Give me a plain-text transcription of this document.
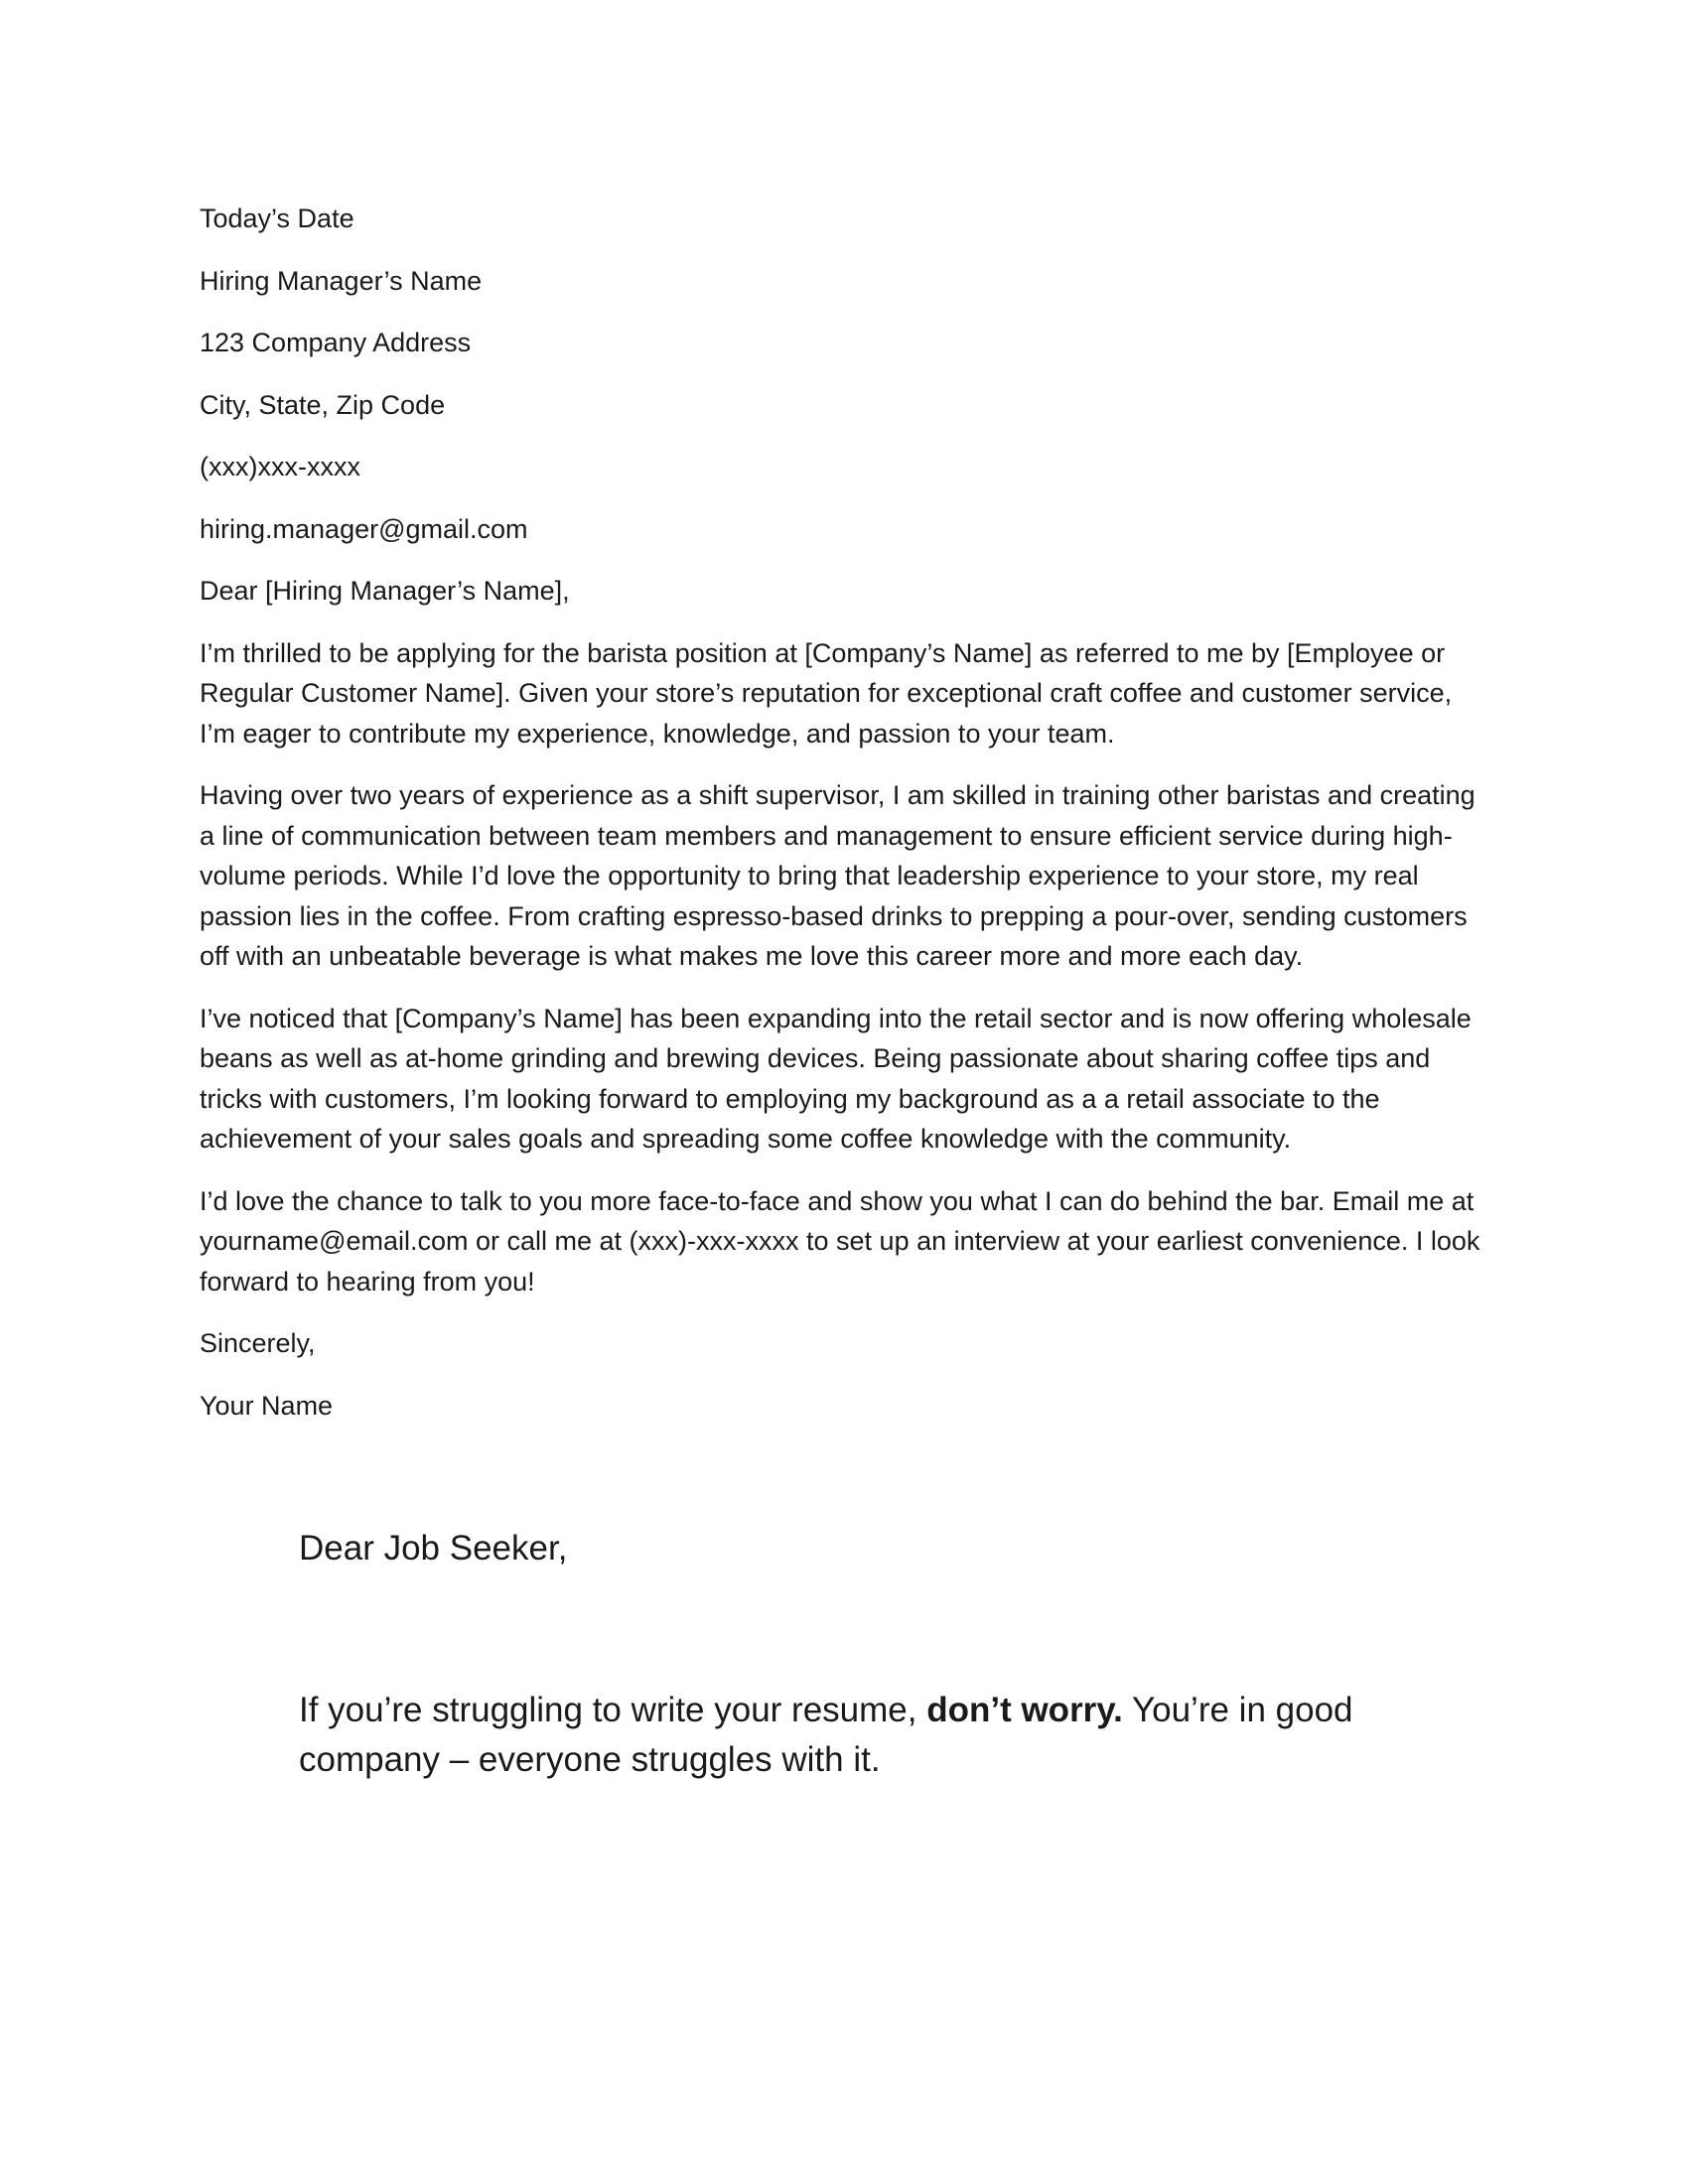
Today’s Date

Hiring Manager’s Name

123 Company Address

City, State, Zip Code

(xxx)xxx-xxxx

hiring.manager@gmail.com

Dear [Hiring Manager’s Name],

I’m thrilled to be applying for the barista position at [Company’s Name] as referred to me by [Employee or Regular Customer Name]. Given your store’s reputation for exceptional craft coffee and customer service, I’m eager to contribute my experience, knowledge, and passion to your team.

Having over two years of experience as a shift supervisor, I am skilled in training other baristas and creating a line of communication between team members and management to ensure efficient service during high-volume periods. While I’d love the opportunity to bring that leadership experience to your store, my real passion lies in the coffee. From crafting espresso-based drinks to prepping a pour-over, sending customers off with an unbeatable beverage is what makes me love this career more and more each day.

I’ve noticed that [Company’s Name] has been expanding into the retail sector and is now offering wholesale beans as well as at-home grinding and brewing devices. Being passionate about sharing coffee tips and tricks with customers, I’m looking forward to employing my background as a a retail associate to the achievement of your sales goals and spreading some coffee knowledge with the community.

I’d love the chance to talk to you more face-to-face and show you what I can do behind the bar. Email me at yourname@email.com or call me at (xxx)-xxx-xxxx to set up an interview at your earliest convenience. I look forward to hearing from you!

Sincerely,

Your Name

Dear Job Seeker,

If you’re struggling to write your resume, don’t worry. You’re in good company – everyone struggles with it.
